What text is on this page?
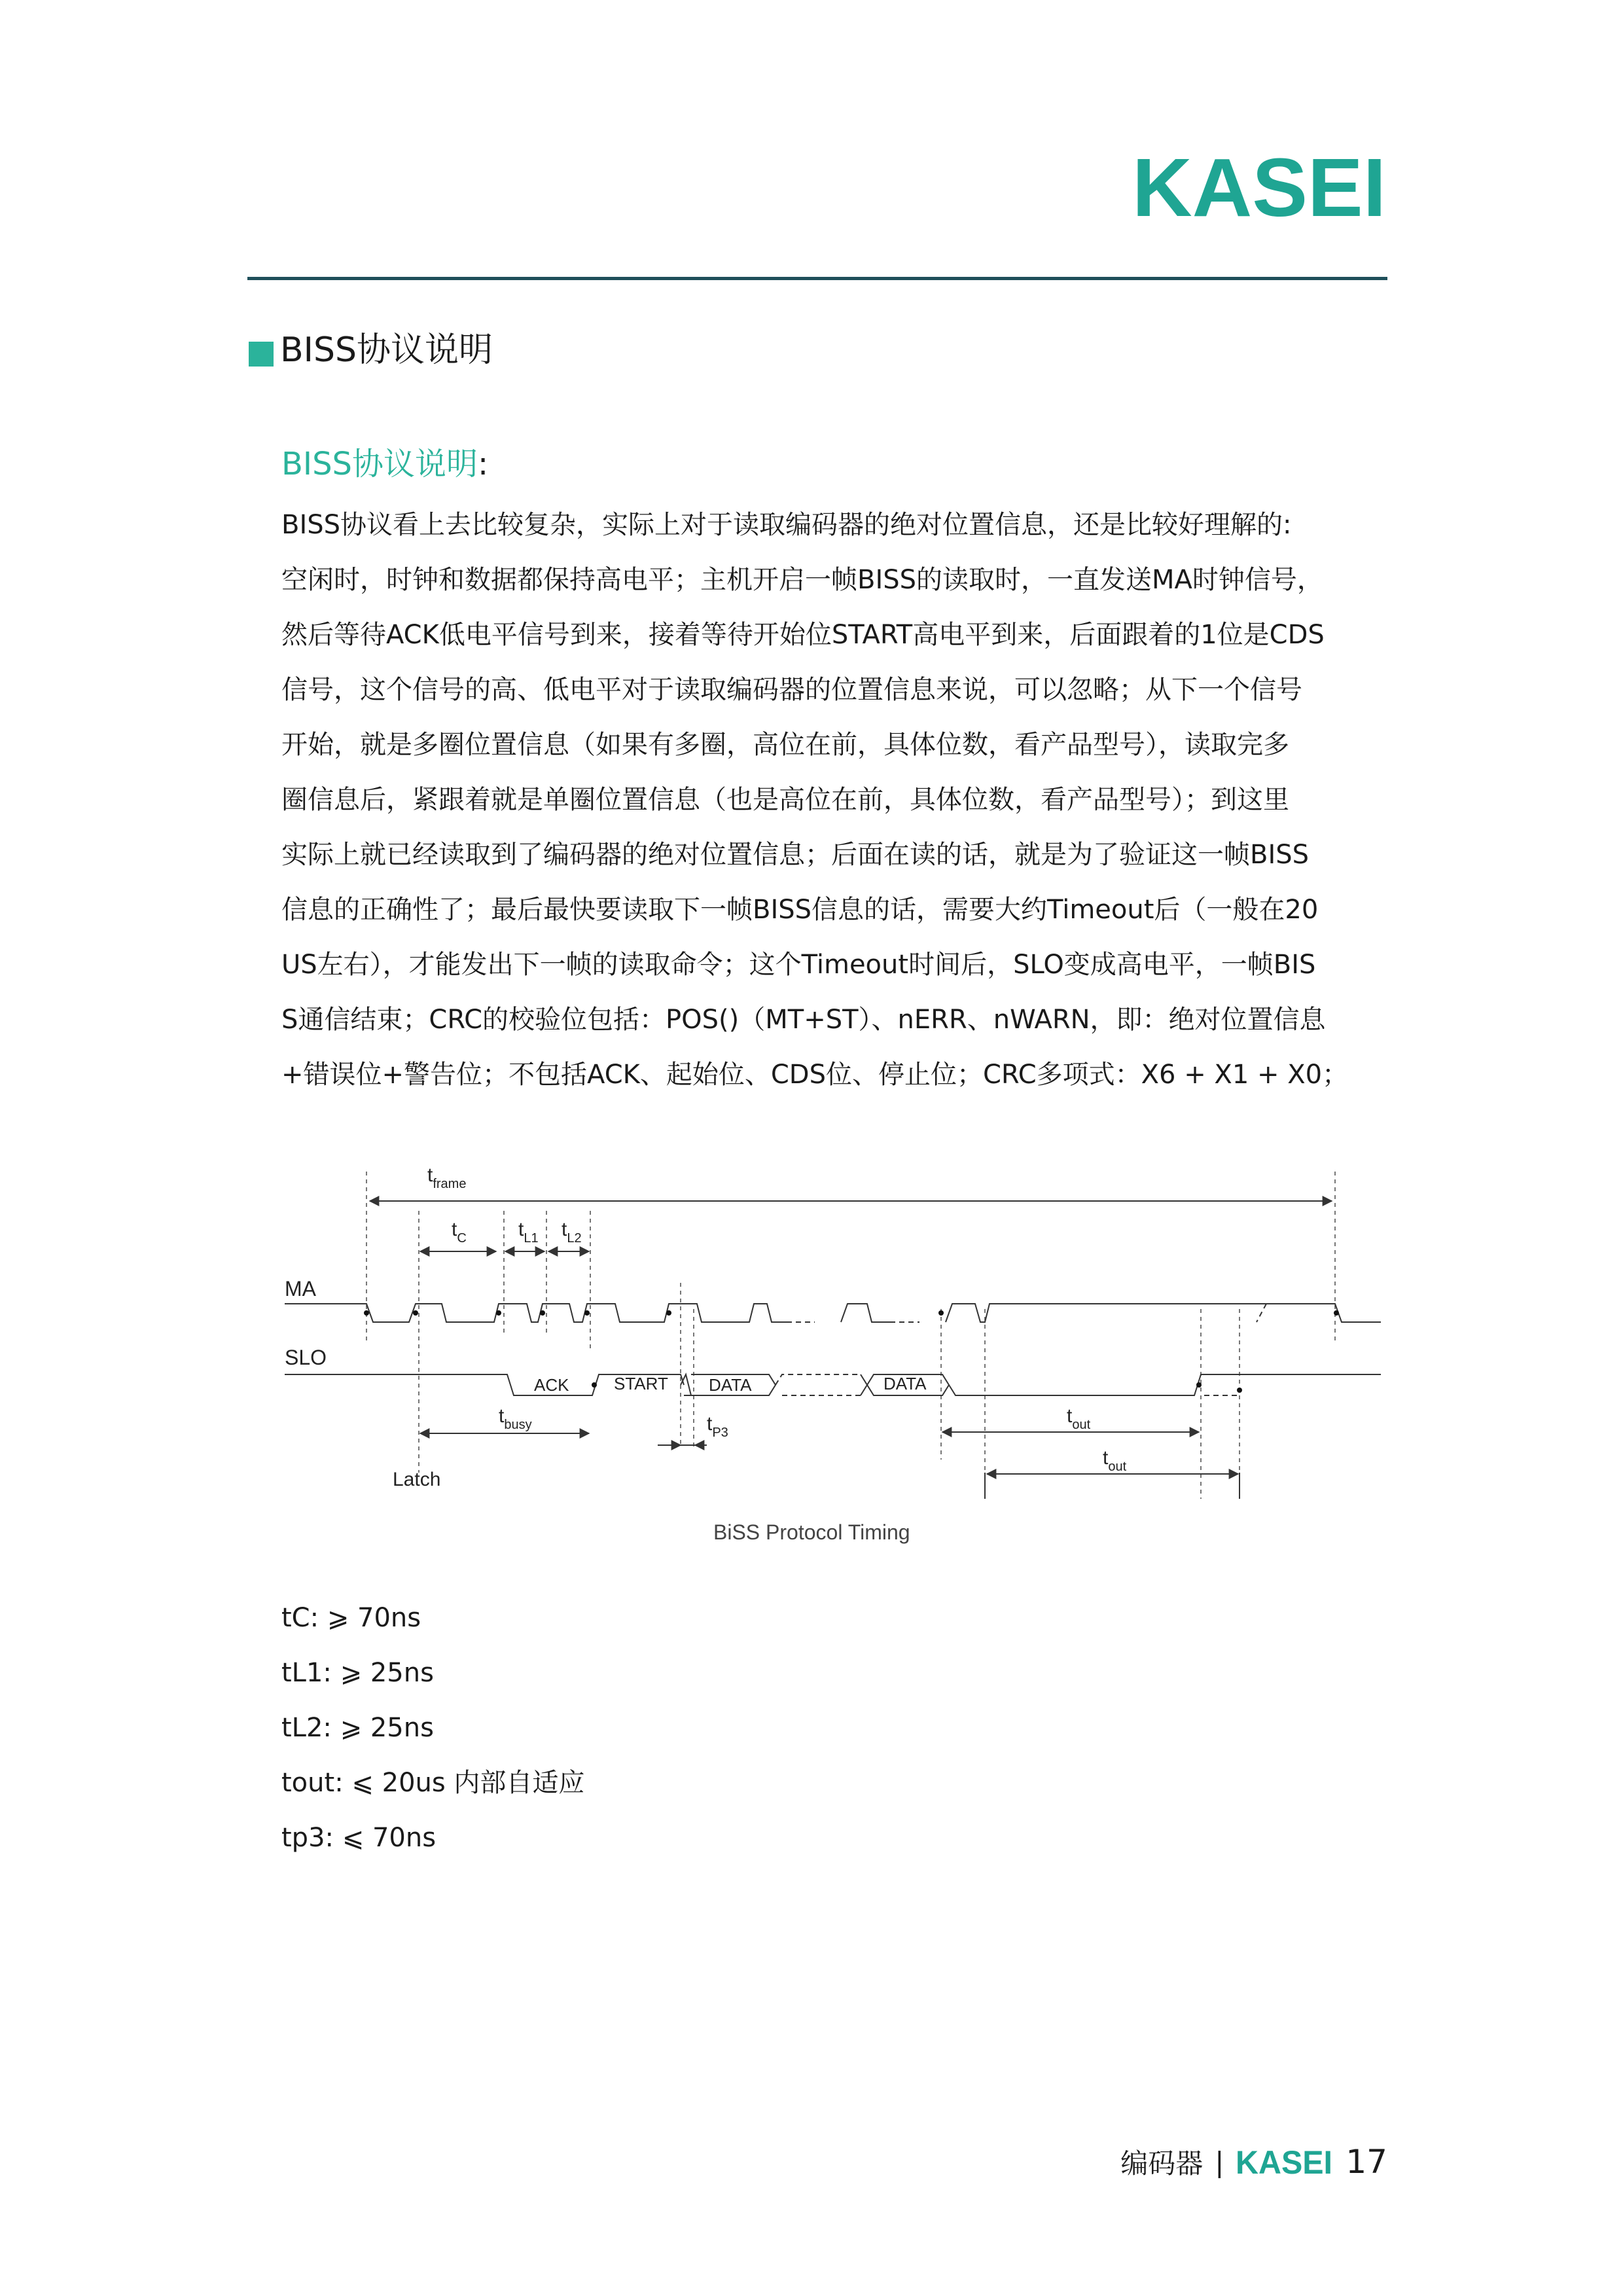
KASEI
BISS协议说明
BISS协议说明:
BISS协议看上去比较复杂，实际上对于读取编码器的绝对位置信息，还是比较好理解的:
空闲时，时钟和数据都保持高电平；主机开启一帧BISS的读取时，一直发送MA时钟信号，
然后等待ACK低电平信号到来，接着等待开始位START高电平到来，后面跟着的1位是CDS
信号，这个信号的高、低电平对于读取编码器的位置信息来说，可以忽略；从下一个信号
开始，就是多圈位置信息（如果有多圈，高位在前，具体位数，看产品型号），读取完多
圈信息后，紧跟着就是单圈位置信息（也是高位在前，具体位数，看产品型号）；到这里
实际上就已经读取到了编码器的绝对位置信息；后面在读的话，就是为了验证这一帧BISS
信息的正确性了；最后最快要读取下一帧BISS信息的话，需要大约Timeout后（一般在20
US左右），才能发出下一帧的读取命令；这个Timeout时间后，SLO变成高电平，一帧BIS
S通信结束；CRC的校验位包括：POS()（MT+ST）、nERR、nWARN，即：绝对位置信息
+错误位+警告位；不包括ACK、起始位、CDS位、停止位；CRC多项式：X6 + X1 + X0；
MA
SLO
Latch
ACK	START DATA	DATA
$t_{frame}$
$t_C$	$t_{L1}$ $t_{L2}$
$t_{busy}$	$t_{P3}$
$t_{out}$
$t_{out}$
BiSS Protocol Timing
tC: ⩾ 70ns
tL1: ⩾ 25ns
tL2: ⩾ 25ns
tout: ⩽ 20us 内部自适应
tp3: ⩽ 70ns
编码器 | KASEI 17
